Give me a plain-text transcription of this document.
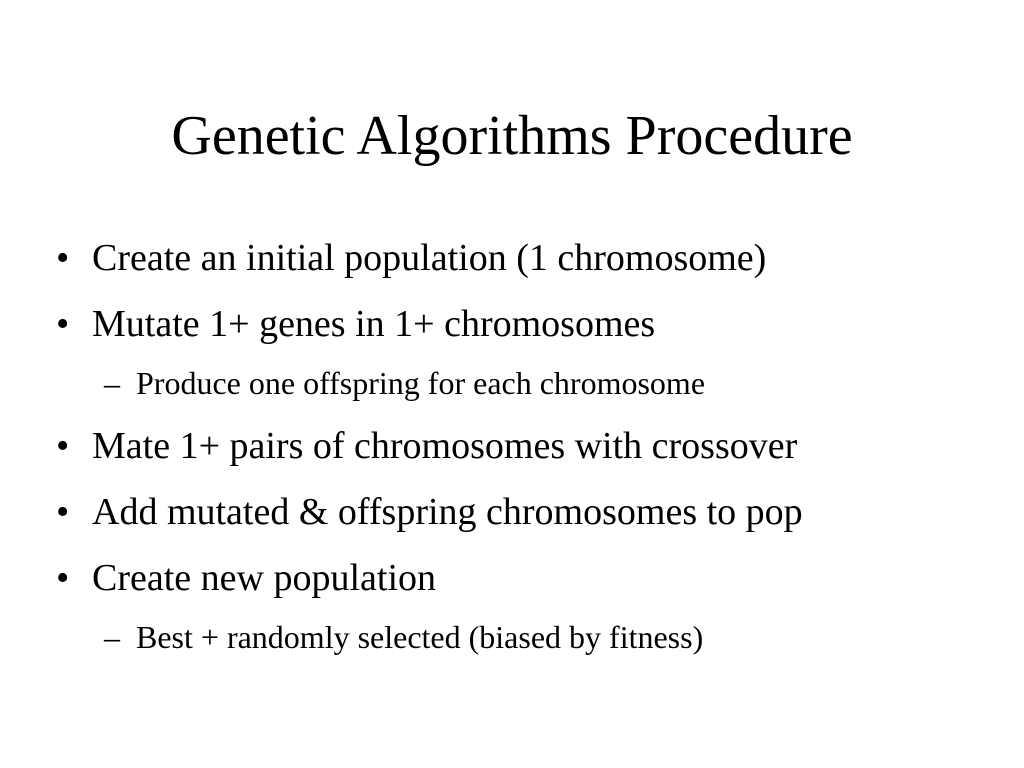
Genetic Algorithms Procedure
• Create an initial population (1 chromosome)
• Mutate 1+ genes in 1+ chromosomes
– Produce one offspring for each chromosome
• Mate 1+ pairs of chromosomes with crossover
• Add mutated & offspring chromosomes to pop
• Create new population
– Best + randomly selected (biased by fitness)
